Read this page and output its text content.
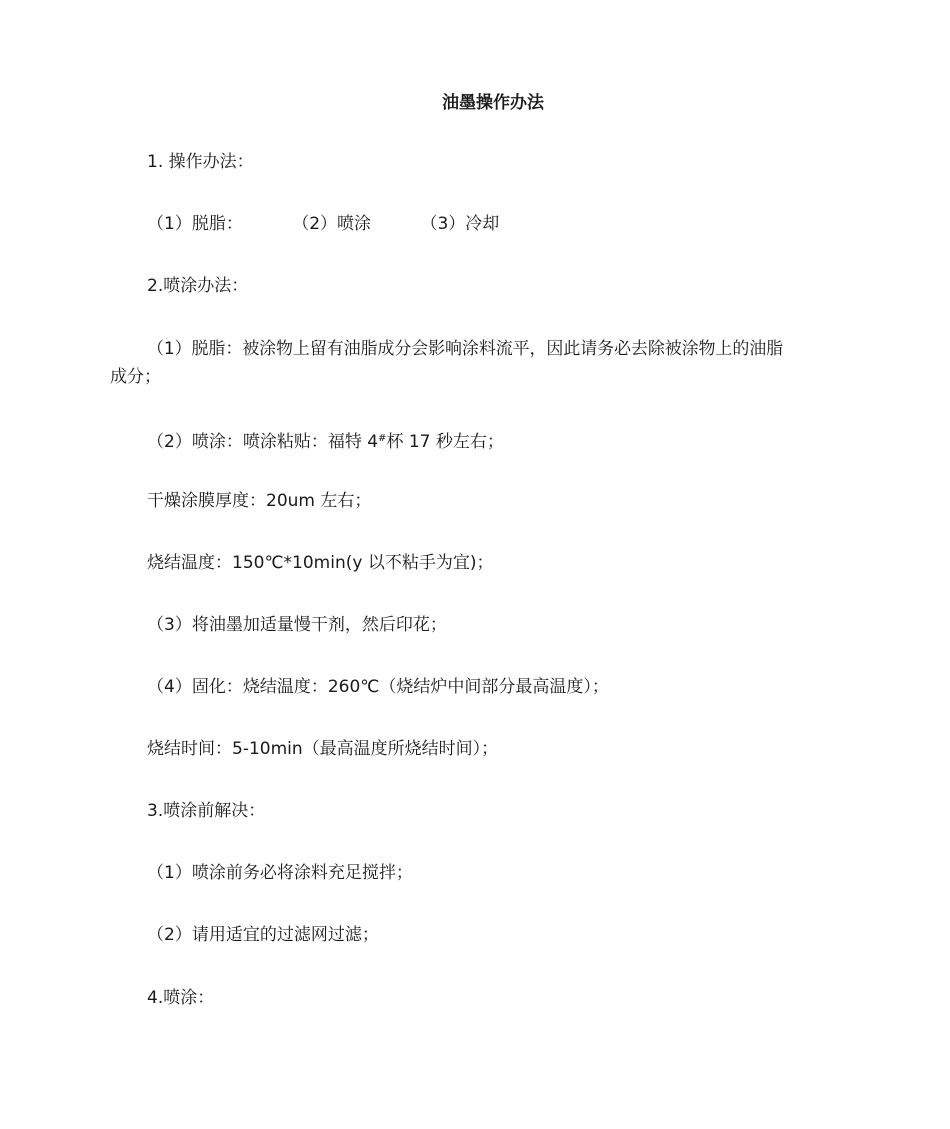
油墨操作办法
1. 操作办法：
（1）脱脂：	（2）喷涂	（3）冷却
2.喷涂办法：
（1）脱脂：被涂物上留有油脂成分会影响涂料流平，因此请务必去除被涂物上的油脂
成分；
（2）喷涂：喷涂粘贴：福特 4#杯 17 秒左右；
干燥涂膜厚度：20um 左右；
烧结温度：150℃*10min(y 以不粘手为宜)；
（3）将油墨加适量慢干剂，然后印花；
（4）固化：烧结温度：260℃（烧结炉中间部分最高温度）；
烧结时间：5-10min（最高温度所烧结时间）；
3.喷涂前解决：
（1）喷涂前务必将涂料充足搅拌；
（2）请用适宜的过滤网过滤；
4.喷涂：
